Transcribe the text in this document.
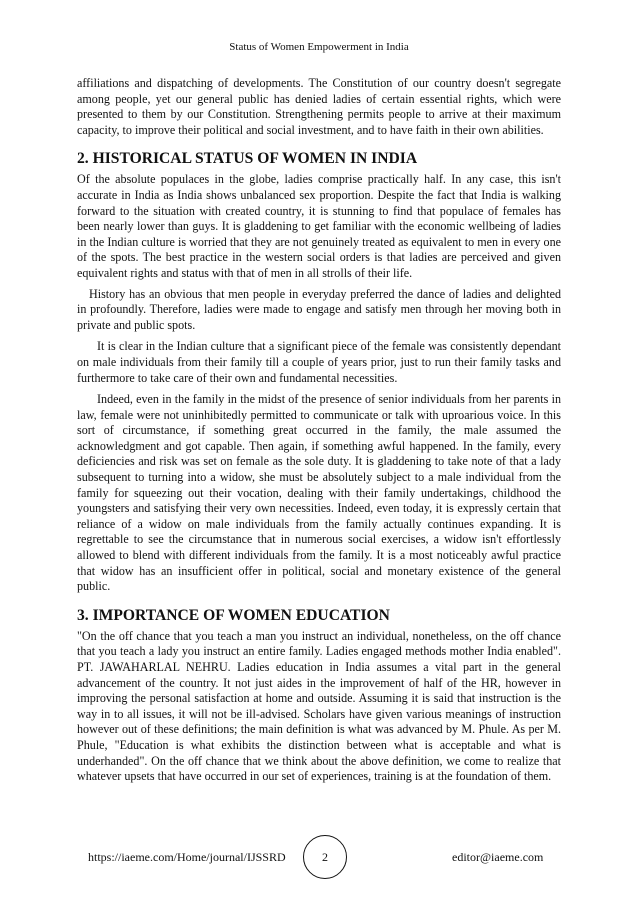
Status of Women Empowerment in India

affiliations and dispatching of developments. The Constitution of our country doesn't segregate among people, yet our general public has denied ladies of certain essential rights, which were presented to them by our Constitution. Strengthening permits people to arrive at their maximum capacity, to improve their political and social investment, and to have faith in their own abilities.

2. HISTORICAL STATUS OF WOMEN IN INDIA

Of the absolute populaces in the globe, ladies comprise practically half. In any case, this isn't accurate in India as India shows unbalanced sex proportion. Despite the fact that India is walking forward to the situation with created country, it is stunning to find that populace of females has been nearly lower than guys. It is gladdening to get familiar with the economic wellbeing of ladies in the Indian culture is worried that they are not genuinely treated as equivalent to men in every one of the spots. The best practice in the western social orders is that ladies are perceived and given equivalent rights and status with that of men in all strolls of their life.

History has an obvious that men people in everyday preferred the dance of ladies and delighted in profoundly. Therefore, ladies were made to engage and satisfy men through her moving both in private and public spots.

It is clear in the Indian culture that a significant piece of the female was consistently dependant on male individuals from their family till a couple of years prior, just to run their family tasks and furthermore to take care of their own and fundamental necessities.

Indeed, even in the family in the midst of the presence of senior individuals from her parents in law, female were not uninhibitedly permitted to communicate or talk with uproarious voice. In this sort of circumstance, if something great occurred in the family, the male assumed the acknowledgment and got capable. Then again, if something awful happened. In the family, every deficiencies and risk was set on female as the sole duty. It is gladdening to take note of that a lady subsequent to turning into a widow, she must be absolutely subject to a male individual from the family for squeezing out their vocation, dealing with their family undertakings, childhood the youngsters and satisfying their very own necessities. Indeed, even today, it is expressly certain that reliance of a widow on male individuals from the family actually continues expanding. It is regrettable to see the circumstance that in numerous social exercises, a widow isn't effortlessly allowed to blend with different individuals from the family. It is a most noticeably awful practice that widow has an insufficient offer in political, social and monetary existence of the general public.

3. IMPORTANCE OF WOMEN EDUCATION

"On the off chance that you teach a man you instruct an individual, nonetheless, on the off chance that you teach a lady you instruct an entire family. Ladies engaged methods mother India enabled". PT. JAWAHARLAL NEHRU. Ladies education in India assumes a vital part in the general advancement of the country. It not just aides in the improvement of half of the HR, however in improving the personal satisfaction at home and outside. Assuming it is said that instruction is the way in to all issues, it will not be ill-advised. Scholars have given various meanings of instruction however out of these definitions; the main definition is what was advanced by M. Phule. As per M. Phule, "Education is what exhibits the distinction between what is acceptable and what is underhanded". On the off chance that we think about the above definition, we come to realize that whatever upsets that have occurred in our set of experiences, training is at the foundation of them.

https://iaeme.com/Home/journal/IJSSRD	2	editor@iaeme.com
